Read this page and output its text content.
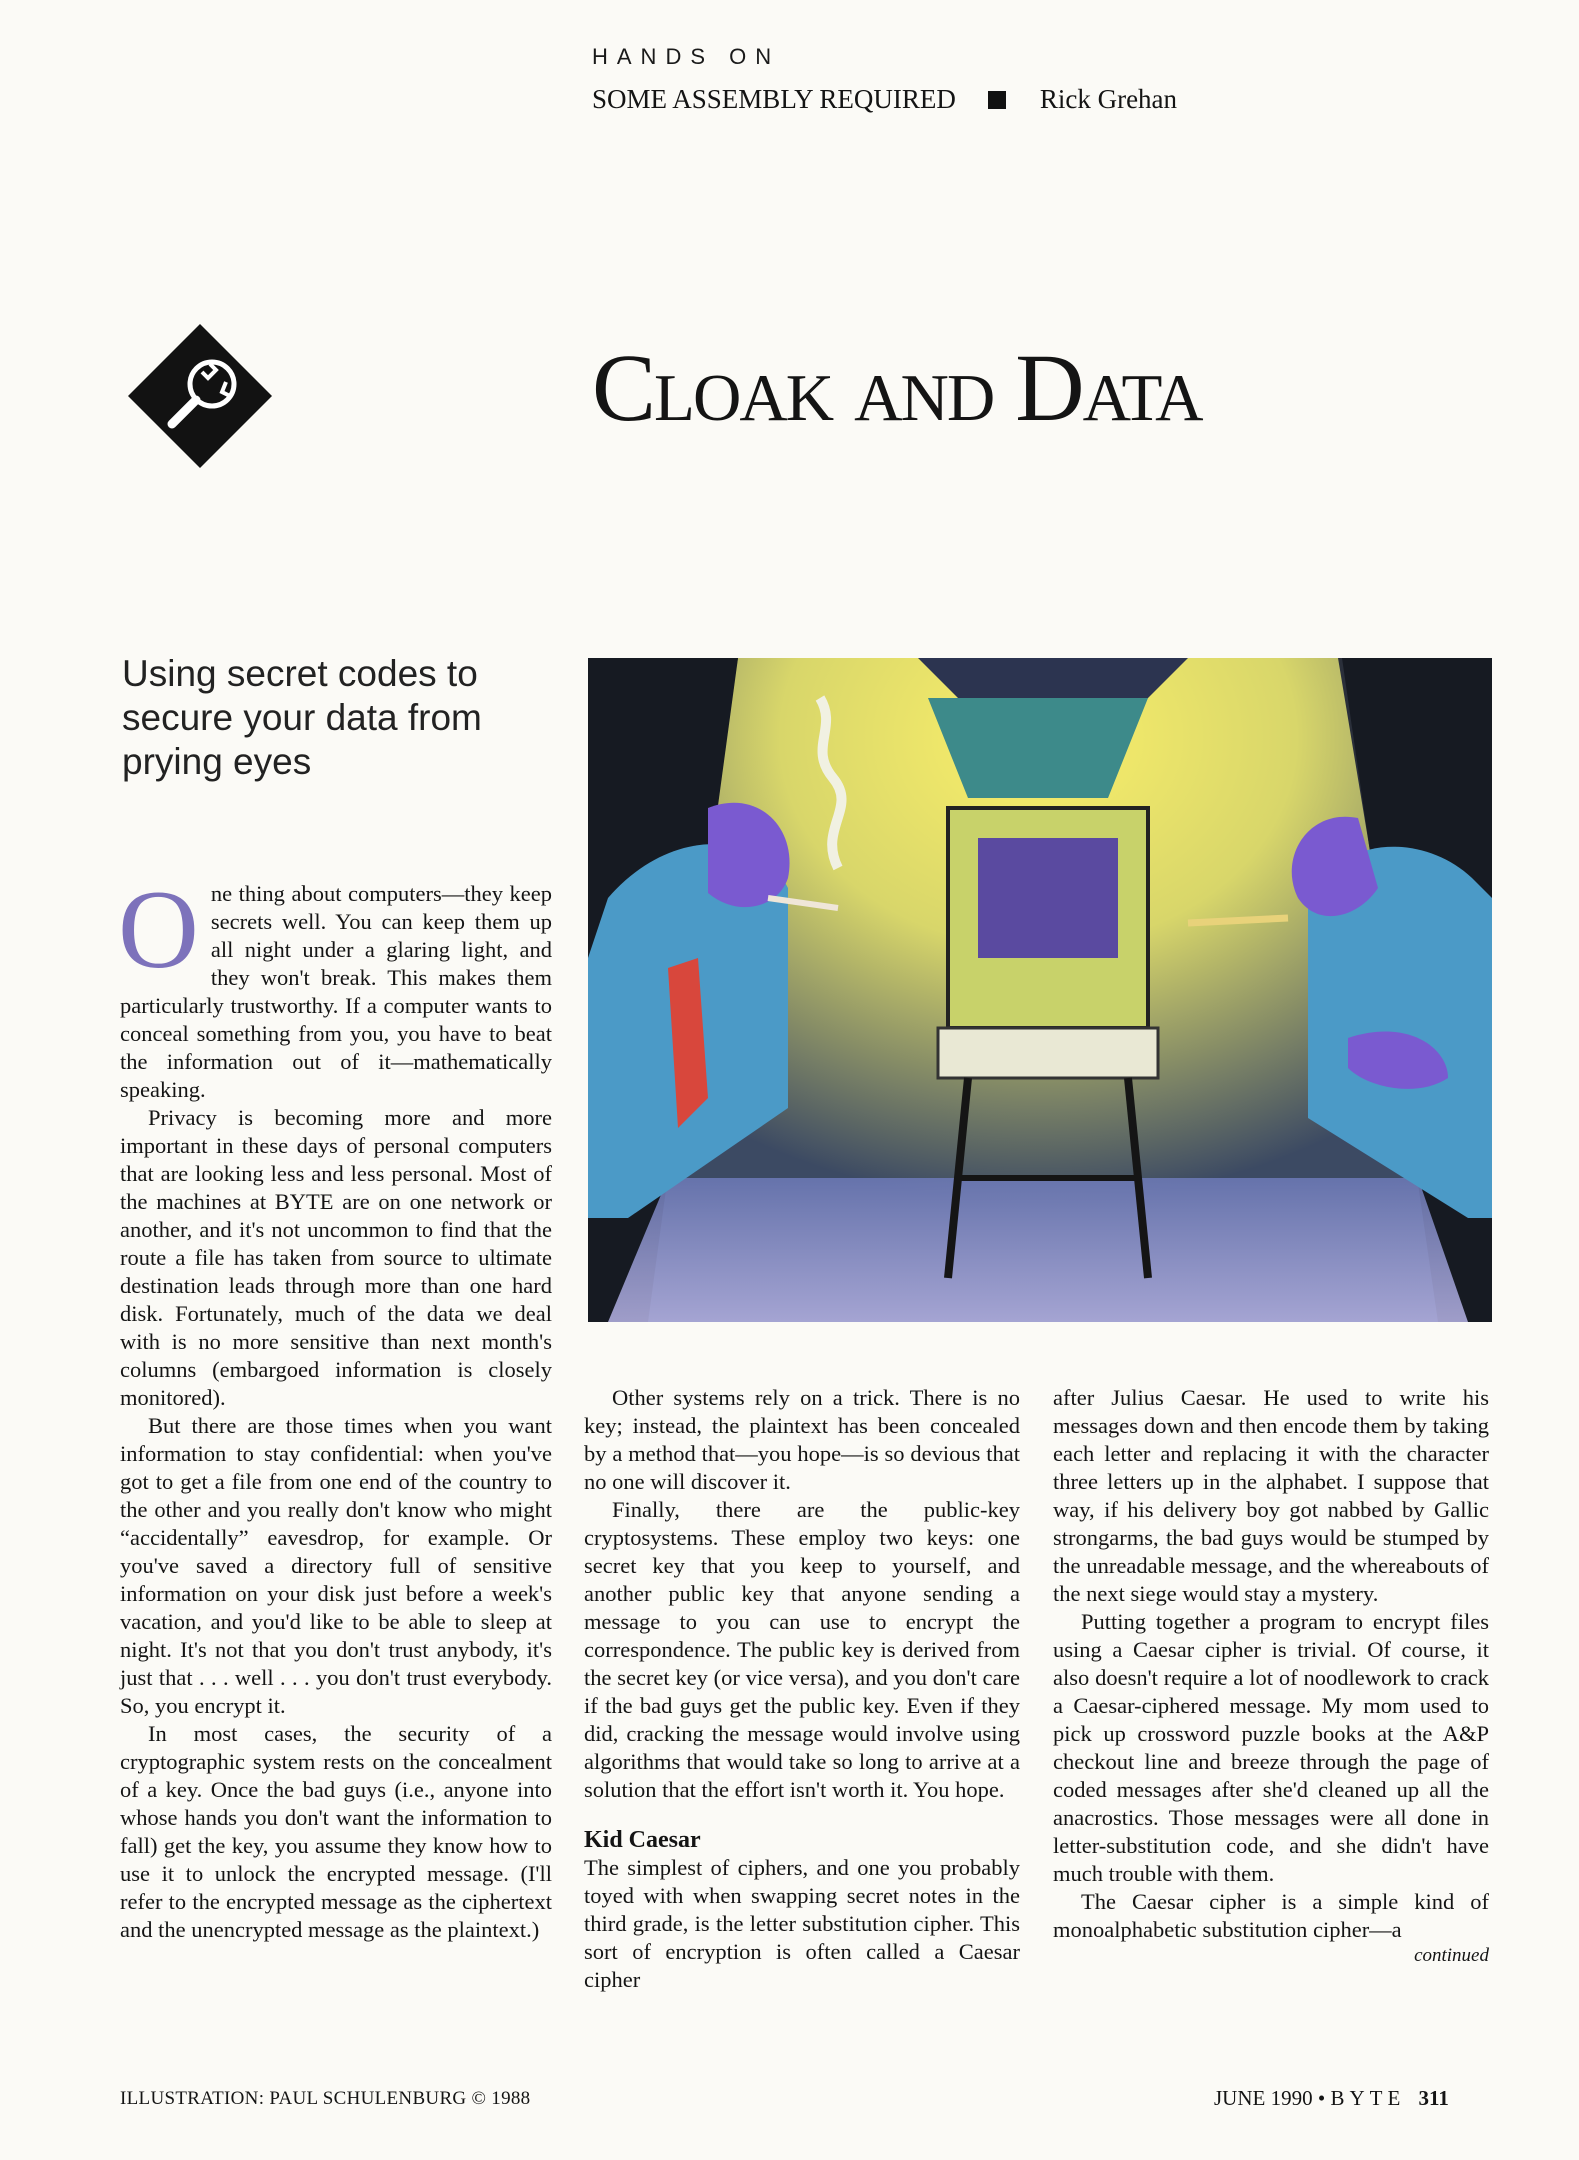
HANDS ON
SOME ASSEMBLY REQUIRED	Rick Grehan
Cloak and Data
Using secret codes to secure your data from prying eyes

One thing about computers—they keep secrets well. You can keep them up all night under a glaring light, and they won't break. This makes them particularly trustworthy. If a computer wants to conceal something from you, you have to beat the information out of it—mathematically speaking.

Privacy is becoming more and more important in these days of personal computers that are looking less and less personal. Most of the machines at BYTE are on one network or another, and it's not uncommon to find that the route a file has taken from source to ultimate destination leads through more than one hard disk. Fortunately, much of the data we deal with is no more sensitive than next month's columns (embargoed information is closely monitored).

But there are those times when you want information to stay confidential: when you've got to get a file from one end of the country to the other and you really don't know who might “accidentally” eavesdrop, for example. Or you've saved a directory full of sensitive information on your disk just before a week's vacation, and you'd like to be able to sleep at night. It's not that you don't trust anybody, it's just that . . . well . . . you don't trust everybody. So, you encrypt it.

In most cases, the security of a cryptographic system rests on the concealment of a key. Once the bad guys (i.e., anyone into whose hands you don't want the information to fall) get the key, you assume they know how to use it to unlock the encrypted message. (I'll refer to the encrypted message as the ciphertext and the unencrypted message as the plaintext.)

Other systems rely on a trick. There is no key; instead, the plaintext has been concealed by a method that—you hope—is so devious that no one will discover it.

Finally, there are the public-key cryptosystems. These employ two keys: one secret key that you keep to yourself, and another public key that anyone sending a message to you can use to encrypt the correspondence. The public key is derived from the secret key (or vice versa), and you don't care if the bad guys get the public key. Even if they did, cracking the message would involve using algorithms that would take so long to arrive at a solution that the effort isn't worth it. You hope.

Kid Caesar

The simplest of ciphers, and one you probably toyed with when swapping secret notes in the third grade, is the letter substitution cipher. This sort of encryption is often called a Caesar cipher

after Julius Caesar. He used to write his messages down and then encode them by taking each letter and replacing it with the character three letters up in the alphabet. I suppose that way, if his delivery boy got nabbed by Gallic strongarms, the bad guys would be stumped by the unreadable message, and the whereabouts of the next siege would stay a mystery.

Putting together a program to encrypt files using a Caesar cipher is trivial. Of course, it also doesn't require a lot of noodlework to crack a Caesar-ciphered message. My mom used to pick up crossword puzzle books at the A&P checkout line and breeze through the page of coded messages after she'd cleaned up all the anacrostics. Those messages were all done in letter-substitution code, and she didn't have much trouble with them.

The Caesar cipher is a simple kind of monoalphabetic substitution cipher—a

continued
ILLUSTRATION: PAUL SCHULENBURG © 1988	JUNE 1990 • BYTE 311
